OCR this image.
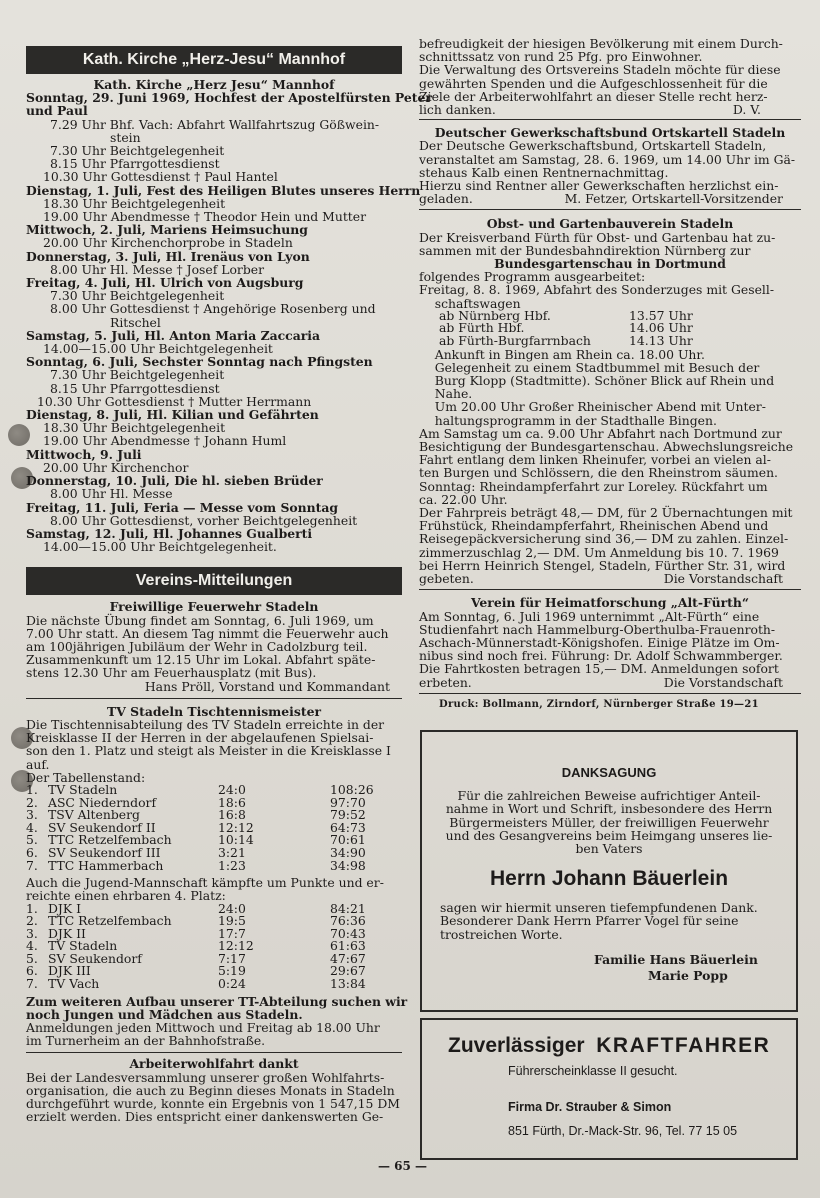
Kath. Kirche „Herz-Jesu“ Mannhof
Kath. Kirche „Herz Jesu“ Mannhof
Sonntag, 29. Juni 1969, Hochfest der Apostelfürsten Peter
und Paul
7.29 Uhr Bhf. Vach: Abfahrt Wallfahrtszug Gößwein-
stein
7.30 Uhr Beichtgelegenheit
8.15 Uhr Pfarrgottesdienst
10.30 Uhr Gottesdienst † Paul Hantel
Dienstag, 1. Juli, Fest des Heiligen Blutes unseres Herrn
18.30 Uhr Beichtgelegenheit
19.00 Uhr Abendmesse † Theodor Hein und Mutter
Mittwoch, 2. Juli, Mariens Heimsuchung
20.00 Uhr Kirchenchorprobe in Stadeln
Donnerstag, 3. Juli, Hl. Irenäus von Lyon
8.00 Uhr Hl. Messe † Josef Lorber
Freitag, 4. Juli, Hl. Ulrich von Augsburg
7.30 Uhr Beichtgelegenheit
8.00 Uhr Gottesdienst † Angehörige Rosenberg und
Ritschel
Samstag, 5. Juli, Hl. Anton Maria Zaccaria
14.00—15.00 Uhr Beichtgelegenheit
Sonntag, 6. Juli, Sechster Sonntag nach Pfingsten
7.30 Uhr Beichtgelegenheit
8.15 Uhr Pfarrgottesdienst
10.30 Uhr Gottesdienst † Mutter Herrmann
Dienstag, 8. Juli, Hl. Kilian und Gefährten
18.30 Uhr Beichtgelegenheit
19.00 Uhr Abendmesse † Johann Huml
Mittwoch, 9. Juli
20.00 Uhr Kirchenchor
Donnerstag, 10. Juli, Die hl. sieben Brüder
8.00 Uhr Hl. Messe
Freitag, 11. Juli, Feria — Messe vom Sonntag
8.00 Uhr Gottesdienst, vorher Beichtgelegenheit
Samstag, 12. Juli, Hl. Johannes Gualberti
14.00—15.00 Uhr Beichtgelegenheit.
Vereins-Mitteilungen
Freiwillige Feuerwehr Stadeln
Die nächste Übung findet am Sonntag, 6. Juli 1969, um
7.00 Uhr statt. An diesem Tag nimmt die Feuerwehr auch
am 100jährigen Jubiläum der Wehr in Cadolzburg teil.
Zusammenkunft um 12.15 Uhr im Lokal. Abfahrt späte-
stens 12.30 Uhr am Feuerhausplatz (mit Bus).
Hans Pröll, Vorstand und Kommandant
TV Stadeln Tischtennismeister
Die Tischtennisabteilung des TV Stadeln erreichte in der
Kreisklasse II der Herren in der abgelaufenen Spielsai-
son den 1. Platz und steigt als Meister in die Kreisklasse I
auf.
Der Tabellenstand:
1.	TV Stadeln	24:0	108:26
2.	ASC Niederndorf	18:6	97:70
3.	TSV Altenberg	16:8	79:52
4.	SV Seukendorf II	12:12	64:73
5.	TTC Retzelfembach	10:14	70:61
6.	SV Seukendorf III	3:21	34:90
7.	TTC Hammerbach	1:23	34:98
Auch die Jugend-Mannschaft kämpfte um Punkte und er-
reichte einen ehrbaren 4. Platz:
1.	DJK I	24:0	84:21
2.	TTC Retzelfembach	19:5	76:36
3.	DJK II	17:7	70:43
4.	TV Stadeln	12:12	61:63
5.	SV Seukendorf	7:17	47:67
6.	DJK III	5:19	29:67
7.	TV Vach	0:24	13:84
Zum weiteren Aufbau unserer TT-Abteilung suchen wir
noch Jungen und Mädchen aus Stadeln.
Anmeldungen jeden Mittwoch und Freitag ab 18.00 Uhr
im Turnerheim an der Bahnhofstraße.
Arbeiterwohlfahrt dankt
Bei der Landesversammlung unserer großen Wohlfahrts-
organisation, die auch zu Beginn dieses Monats in Stadeln
durchgeführt wurde, konnte ein Ergebnis von 1 547,15 DM
erzielt werden. Dies entspricht einer dankenswerten Ge-
befreudigkeit der hiesigen Bevölkerung mit einem Durch-
schnittssatz von rund 25 Pfg. pro Einwohner.
Die Verwaltung des Ortsvereins Stadeln möchte für diese
gewährten Spenden und die Aufgeschlossenheit für die
Ziele der Arbeiterwohlfahrt an dieser Stelle recht herz-
lich danken.	D. V.
Deutscher Gewerkschaftsbund Ortskartell Stadeln
Der Deutsche Gewerkschaftsbund, Ortskartell Stadeln,
veranstaltet am Samstag, 28. 6. 1969, um 14.00 Uhr im Gä-
stehaus Kalb einen Rentnernachmittag.
Hierzu sind Rentner aller Gewerkschaften herzlichst ein-
geladen.	M. Fetzer, Ortskartell-Vorsitzender
Obst- und Gartenbauverein Stadeln
Der Kreisverband Fürth für Obst- und Gartenbau hat zu-
sammen mit der Bundesbahndirektion Nürnberg zur
Bundesgartenschau in Dortmund
folgendes Programm ausgearbeitet:
Freitag, 8. 8. 1969, Abfahrt des Sonderzuges mit Gesell-
schaftswagen
ab Nürnberg Hbf.	13.57 Uhr
ab Fürth Hbf.	14.06 Uhr
ab Fürth-Burgfarrnbach	14.13 Uhr
Ankunft in Bingen am Rhein ca. 18.00 Uhr.
Gelegenheit zu einem Stadtbummel mit Besuch der
Burg Klopp (Stadtmitte). Schöner Blick auf Rhein und
Nahe.
Um 20.00 Uhr Großer Rheinischer Abend mit Unter-
haltungsprogramm in der Stadthalle Bingen.
Am Samstag um ca. 9.00 Uhr Abfahrt nach Dortmund zur
Besichtigung der Bundesgartenschau. Abwechslungsreiche
Fahrt entlang dem linken Rheinufer, vorbei an vielen al-
ten Burgen und Schlössern, die den Rheinstrom säumen.
Sonntag: Rheindampferfahrt zur Loreley. Rückfahrt um
ca. 22.00 Uhr.
Der Fahrpreis beträgt 48,— DM, für 2 Übernachtungen mit
Frühstück, Rheindampferfahrt, Rheinischen Abend und
Reisegepäckversicherung sind 36,— DM zu zahlen. Einzel-
zimmerzuschlag 2,— DM. Um Anmeldung bis 10. 7. 1969
bei Herrn Heinrich Stengel, Stadeln, Fürther Str. 31, wird
gebeten.	Die Vorstandschaft
Verein für Heimatforschung „Alt-Fürth“
Am Sonntag, 6. Juli 1969 unternimmt „Alt-Fürth“ eine
Studienfahrt nach Hammelburg-Oberthulba-Frauenroth-
Aschach-Münnerstadt-Königshofen. Einige Plätze im Om-
nibus sind noch frei. Führung: Dr. Adolf Schwammberger.
Die Fahrtkosten betragen 15,— DM. Anmeldungen sofort
erbeten.	Die Vorstandschaft
Druck: Bollmann, Zirndorf, Nürnberger Straße 19—21
DANKSAGUNG
Für die zahlreichen Beweise aufrichtiger Anteil-
nahme in Wort und Schrift, insbesondere des Herrn
Bürgermeisters Müller, der freiwilligen Feuerwehr
und des Gesangvereins beim Heimgang unseres lie-
ben Vaters
Herrn Johann Bäuerlein
sagen wir hiermit unseren tiefempfundenen Dank.
Besonderer Dank Herrn Pfarrer Vogel für seine
trostreichen Worte.
Familie Hans Bäuerlein
Marie Popp
Zuverlässiger KRAFTFAHRER
Führerscheinklasse II gesucht.
Firma Dr. Strauber & Simon
851 Fürth, Dr.-Mack-Str. 96, Tel. 77 15 05
— 65 —
